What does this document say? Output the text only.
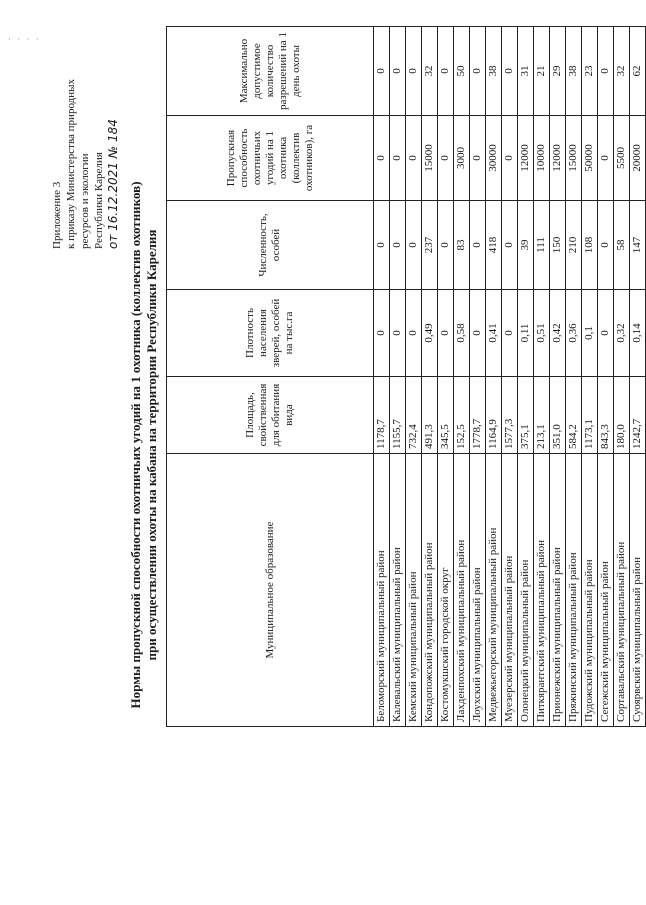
· · · ·
Приложение 3 к приказу Министерства природных ресурсов и экологии Республики Карелия от 16.12.2021 № 184 Нормы пропускной способности охотничьих угодий на 1 охотника (коллектив охотников) при осуществлении охоты на кабана на территории Республики Карелия	Муниципальное образование	Площадь, свойственная для обитания вида	Плотность населения зверей, особей на тыс.га	Численность, особей	Пропускная способность охотничьих угодий на 1 охотника (коллектив охотников), га	Максимально допустимое количество разрешений на 1 день охоты
Беломорский муниципальный район	1178,7	0	0	0	0
Калевальский муниципальный район	1155,7	0	0	0	0
Кемский муниципальный район	732,4	0	0	0	0
Кондопожский муниципальный район	491,3	0,49	237	15000	32
Костомукшский городской округ	345,5	0	0	0	0
Лахденпохский муниципальный район	152,5	0,58	83	3000	50
Лоухский муниципальный район	1778,7	0	0	0	0
Медвежьегорский муниципальный район	1164,9	0,41	418	30000	38
Муезерский муниципальный район	1577,3	0	0	0	0
Олонецкий муниципальный район	375,1	0,11	39	12000	31
Питкярантский муниципальный район	213,1	0,51	111	10000	21
Прионежский муниципальный район	351,0	0,42	150	12000	29
Пряжинский муниципальный район	584,2	0,36	210	15000	38
Пудожский муниципальный район	1173,1	0,1	108	50000	23
Сегежский муниципальный район	843,3	0	0	0	0
Сортавальский муниципальный район	180,0	0,32	58	5500	32
Суоярвский муниципальный район	1242,7	0,14	147	20000	62
